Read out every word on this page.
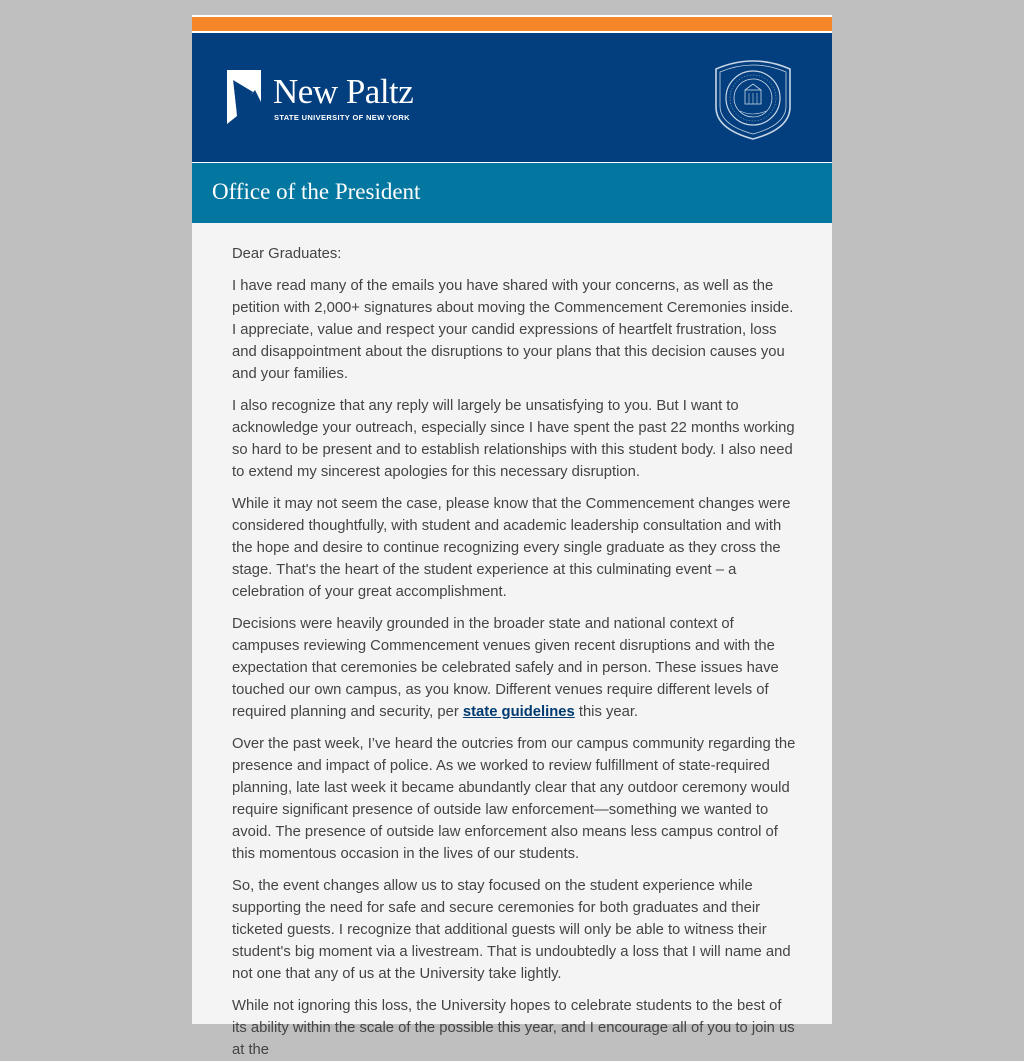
New Paltz
STATE UNIVERSITY OF NEW YORK
Office of the President

Dear Graduates:

I have read many of the emails you have shared with your concerns, as well as the petition with 2,000+ signatures about moving the Commencement Ceremonies inside. I appreciate, value and respect your candid expressions of heartfelt frustration, loss and disappointment about the disruptions to your plans that this decision causes you and your families.

I also recognize that any reply will largely be unsatisfying to you. But I want to acknowledge your outreach, especially since I have spent the past 22 months working so hard to be present and to establish relationships with this student body. I also need to extend my sincerest apologies for this necessary disruption.

While it may not seem the case, please know that the Commencement changes were considered thoughtfully, with student and academic leadership consultation and with the hope and desire to continue recognizing every single graduate as they cross the stage. That's the heart of the student experience at this culminating event – a celebration of your great accomplishment.

Decisions were heavily grounded in the broader state and national context of campuses reviewing Commencement venues given recent disruptions and with the expectation that ceremonies be celebrated safely and in person. These issues have touched our own campus, as you know. Different venues require different levels of required planning and security, per state guidelines this year.

Over the past week, I’ve heard the outcries from our campus community regarding the presence and impact of police. As we worked to review fulfillment of state-required planning, late last week it became abundantly clear that any outdoor ceremony would require significant presence of outside law enforcement—something we wanted to avoid. The presence of outside law enforcement also means less campus control of this momentous occasion in the lives of our students.

So, the event changes allow us to stay focused on the student experience while supporting the need for safe and secure ceremonies for both graduates and their ticketed guests. I recognize that additional guests will only be able to witness their student's big moment via a livestream. That is undoubtedly a loss that I will name and not one that any of us at the University take lightly.

While not ignoring this loss, the University hopes to celebrate students to the best of its ability within the scale of the possible this year, and I encourage all of you to join us at the
